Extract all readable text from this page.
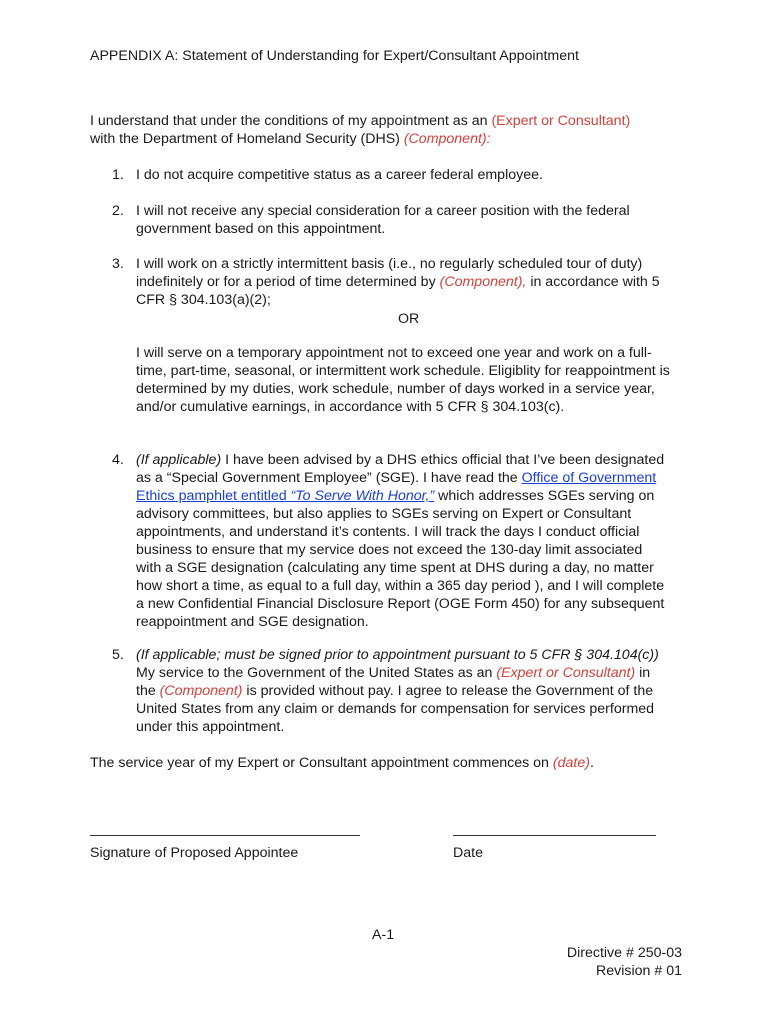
APPENDIX A: Statement of Understanding for Expert/Consultant Appointment
I understand that under the conditions of my appointment as an (Expert or Consultant)
with the Department of Homeland Security (DHS) (Component):
1. I do not acquire competitive status as a career federal employee.
2. I will not receive any special consideration for a career position with the federal government based on this appointment.
3. I will work on a strictly intermittent basis (i.e., no regularly scheduled tour of duty) indefinitely or for a period of time determined by (Component), in accordance with 5 CFR § 304.103(a)(2);
OR
I will serve on a temporary appointment not to exceed one year and work on a full-time, part-time, seasonal, or intermittent work schedule. Eligiblity for reappointment is determined by my duties, work schedule, number of days worked in a service year, and/or cumulative earnings, in accordance with 5 CFR § 304.103(c).
4. (If applicable) I have been advised by a DHS ethics official that I’ve been designated as a “Special Government Employee” (SGE). I have read the Office of Government Ethics pamphlet entitled “To Serve With Honor,” which addresses SGEs serving on advisory committees, but also applies to SGEs serving on Expert or Consultant appointments, and understand it’s contents. I will track the days I conduct official business to ensure that my service does not exceed the 130-day limit associated with a SGE designation (calculating any time spent at DHS during a day, no matter how short a time, as equal to a full day, within a 365 day period ), and I will complete a new Confidential Financial Disclosure Report (OGE Form 450) for any subsequent reappointment and SGE designation.
5. (If applicable; must be signed prior to appointment pursuant to 5 CFR § 304.104(c)) My service to the Government of the United States as an (Expert or Consultant) in the (Component) is provided without pay. I agree to release the Government of the United States from any claim or demands for compensation for services performed under this appointment.
The service year of my Expert or Consultant appointment commences on (date).
Signature of Proposed Appointee	Date
A-1
Directive # 250-03
Revision # 01
